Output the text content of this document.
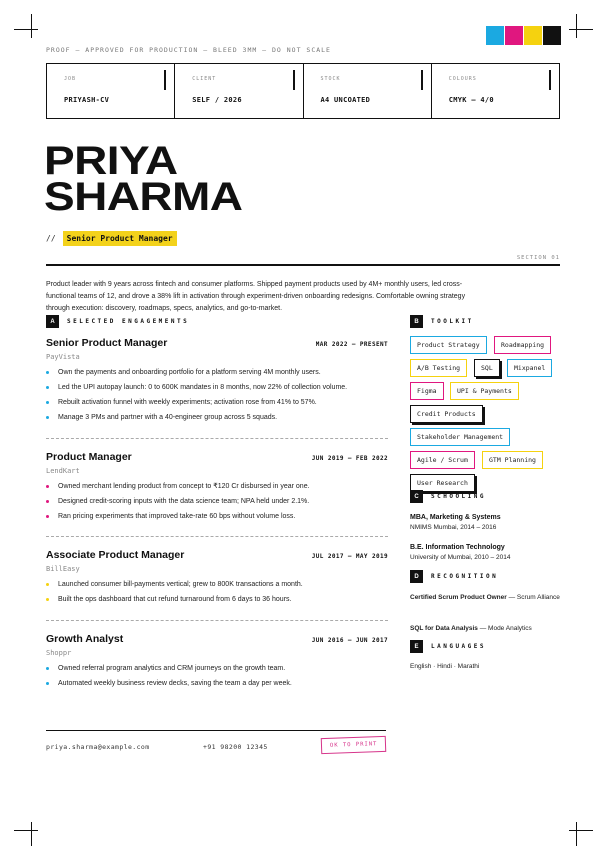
PROOF — APPROVED FOR PRODUCTION — BLEED 3MM — DO NOT SCALE
JOB
PRIYASH-CV
CLIENT
SELF / 2026
STOCK
A4 UNCOATED
COLOURS
CMYK — 4/0
PRIYA
SHARMA
//	Senior Product Manager
SECTION 01
Product leader with 9 years across fintech and consumer platforms. Shipped payment products used by 4M+ monthly users, led cross-functional teams of 12, and drove a 38% lift in activation through experiment-driven onboarding redesigns. Comfortable owning strategy through execution: discovery, roadmaps, specs, analytics, and go-to-market.
A	SELECTED ENGAGEMENTS	B	TOOLKIT
Senior Product Manager	MAR 2022 — PRESENT
PayVista
Own the payments and onboarding portfolio for a platform serving 4M monthly users.
Led the UPI autopay launch: 0 to 600K mandates in 8 months, now 22% of collection volume.
Rebuilt activation funnel with weekly experiments; activation rose from 41% to 57%.
Manage 3 PMs and partner with a 40-engineer group across 5 squads.
Product Manager	JUN 2019 — FEB 2022
LendKart
Owned merchant lending product from concept to ₹120 Cr disbursed in year one.
Designed credit-scoring inputs with the data science team; NPA held under 2.1%.
Ran pricing experiments that improved take-rate 60 bps without volume loss.
Associate Product Manager	JUL 2017 — MAY 2019
BillEasy
Launched consumer bill-payments vertical; grew to 800K transactions a month.
Built the ops dashboard that cut refund turnaround from 6 days to 36 hours.
Growth Analyst	JUN 2016 — JUN 2017
Shoppr
Owned referral program analytics and CRM journeys on the growth team.
Automated weekly business review decks, saving the team a day per week.
Product Strategy	Roadmapping
A/B Testing	SQL	Mixpanel
Figma	UPI & Payments
Credit Products
Stakeholder Management
Agile / Scrum	GTM Planning
User Research
C	SCHOOLING
MBA, Marketing & Systems
NMIMS Mumbai, 2014 – 2016
B.E. Information Technology
University of Mumbai, 2010 – 2014
D	RECOGNITION
Certified Scrum Product Owner — Scrum Alliance
SQL for Data Analysis — Mode Analytics
E	LANGUAGES
English · Hindi · Marathi
priya.sharma@example.com	+91 98200 12345	OK TO PRINT
